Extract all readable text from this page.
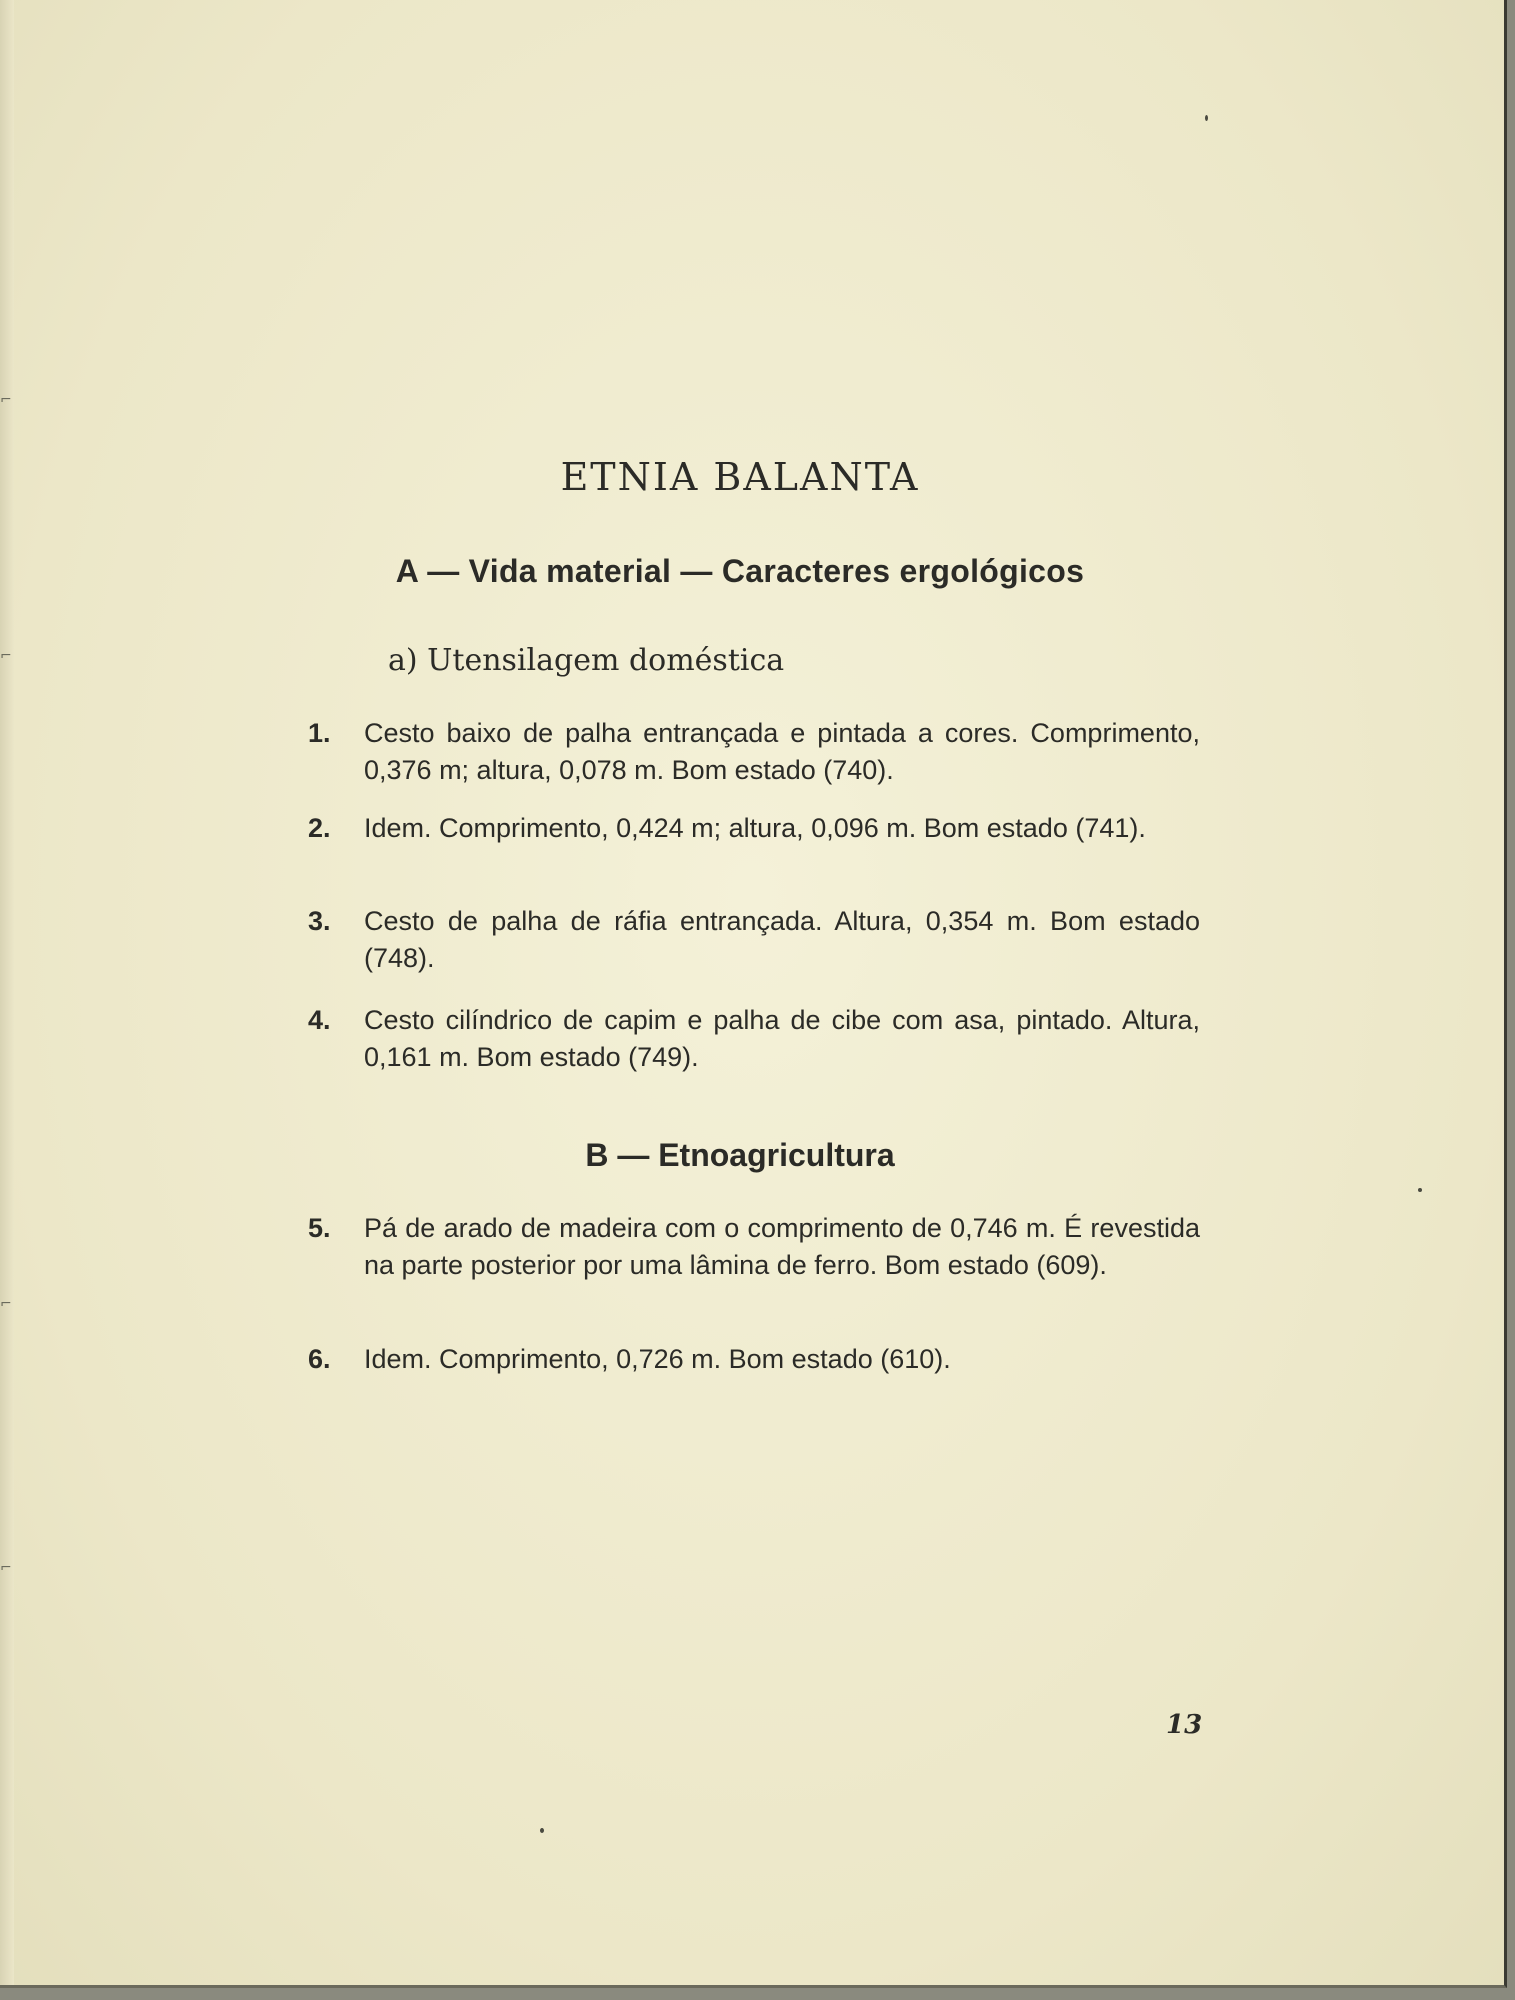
⌐
⌐
⌐
⌐
ETNIA BALANTA
A — Vida material — Caracteres ergológicos
a) Utensilagem doméstica
1.	Cesto baixo de palha entrançada e pintada a cores. Comprimento, 0,376 m; altura, 0,078 m. Bom estado (740).
2.	Idem. Comprimento, 0,424 m; altura, 0,096 m. Bom estado (741).
3.	Cesto de palha de ráfia entrançada. Altura, 0,354 m. Bom estado (748).
4.	Cesto cilíndrico de capim e palha de cibe com asa, pintado. Altura, 0,161 m. Bom estado (749).
B — Etnoagricultura
5.	Pá de arado de madeira com o comprimento de 0,746 m. É revestida na parte posterior por uma lâmina de ferro. Bom estado (609).
6.	Idem. Comprimento, 0,726 m. Bom estado (610).
13
